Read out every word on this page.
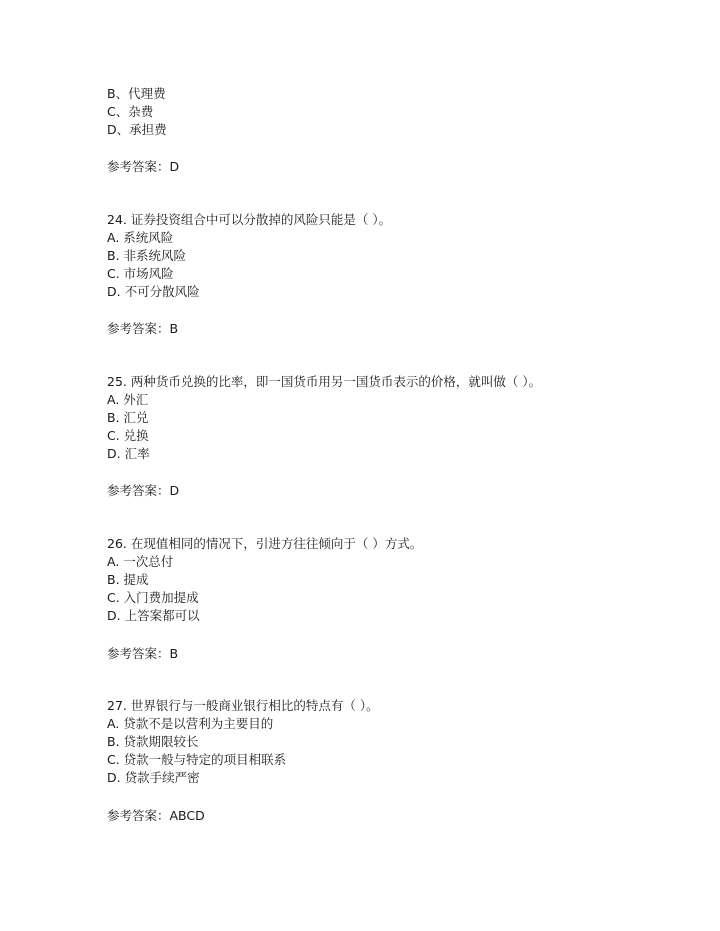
B、代理费
C、杂费
D、承担费
参考答案：D
24. 证券投资组合中可以分散掉的风险只能是（ ）。
A. 系统风险
B. 非系统风险
C. 市场风险
D. 不可分散风险
参考答案：B
25. 两种货币兑换的比率，即一国货币用另一国货币表示的价格，就叫做（ ）。
A. 外汇
B. 汇兑
C. 兑换
D. 汇率
参考答案：D
26. 在现值相同的情况下，引进方往往倾向于（ ）方式。
A. 一次总付
B. 提成
C. 入门费加提成
D. 上答案都可以
参考答案：B
27. 世界银行与一般商业银行相比的特点有（ ）。
A. 贷款不是以营利为主要目的
B. 贷款期限较长
C. 贷款一般与特定的项目相联系
D. 贷款手续严密
参考答案：ABCD
